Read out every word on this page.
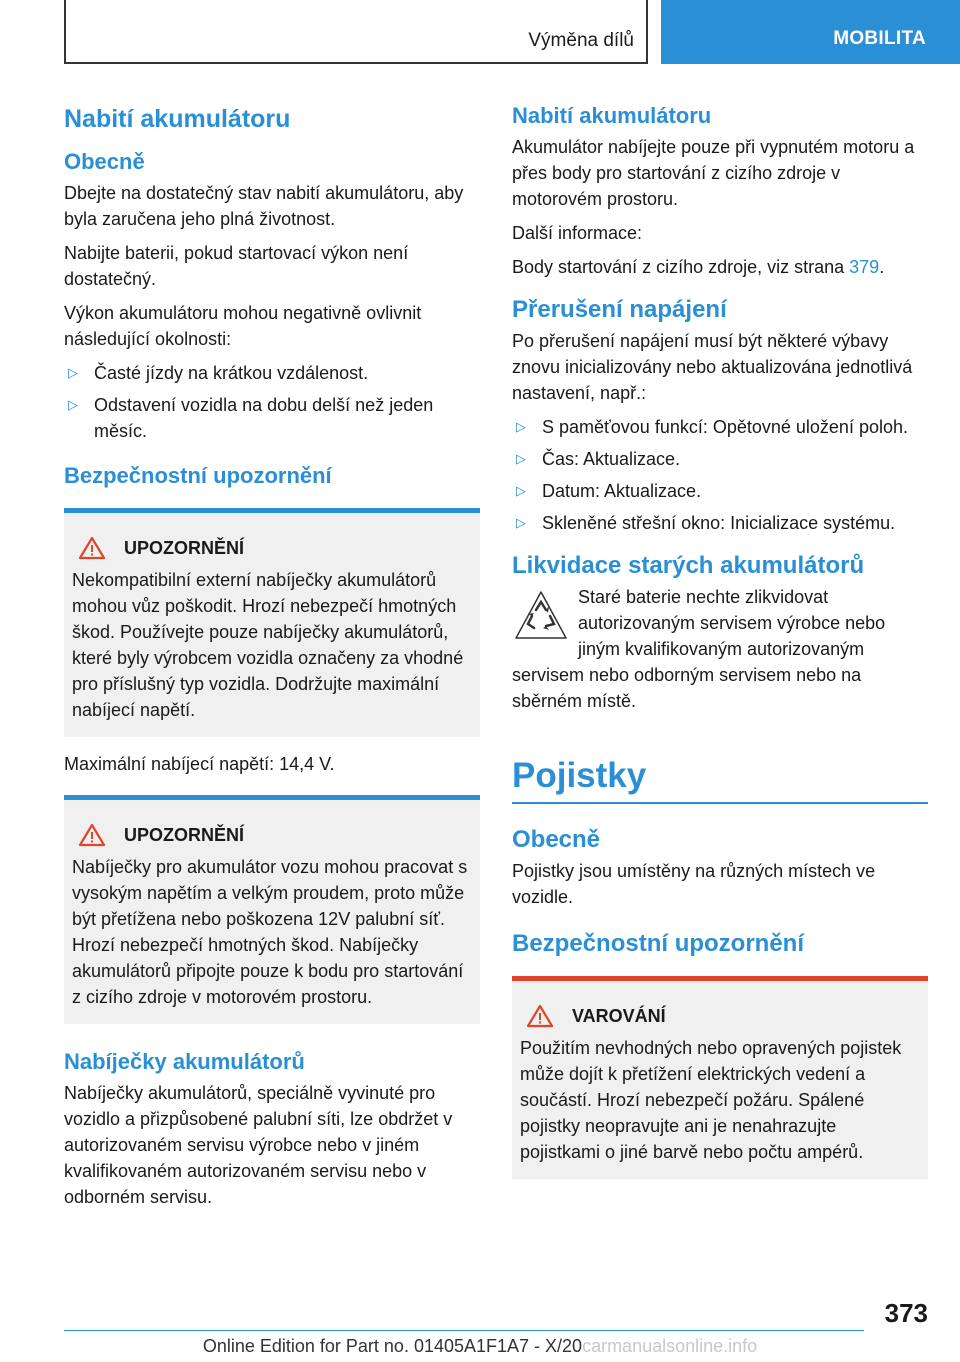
Výměna dílů	MOBILITA
Nabití akumulátoru
Obecně

Dbejte na dostatečný stav nabití akumulátoru, aby byla zaručena jeho plná životnost.

Nabijte baterii, pokud startovací výkon není dostatečný.

Výkon akumulátoru mohou negativně ovlivnit následující okolnosti:

▷ Časté jízdy na krátkou vzdálenost.
▷ Odstavení vozidla na dobu delší než jeden měsíc.
Bezpečnostní upozornění
UPOZORNĚNÍ

Nekompatibilní externí nabíječky akumulátorů mohou vůz poškodit. Hrozí nebezpečí hmotných škod. Používejte pouze nabíječky akumulátorů, které byly výrobcem vozidla označeny za vhodné pro příslušný typ vozidla. Dodržujte maximální nabíjecí napětí.

Maximální nabíjecí napětí: 14,4 V.

UPOZORNĚNÍ

Nabíječky pro akumulátor vozu mohou pracovat s vysokým napětím a velkým proudem, proto může být přetížena nebo poškozena 12V palubní síť. Hrozí nebezpečí hmotných škod. Nabíječky akumulátorů připojte pouze k bodu pro startování z cizího zdroje v motorovém prostoru.

Nabíječky akumulátorů

Nabíječky akumulátorů, speciálně vyvinuté pro vozidlo a přizpůsobené palubní síti, lze obdržet v autorizovaném servisu výrobce nebo v jiném kvalifikovaném autorizovaném servisu nebo v odborném servisu.

Nabití akumulátoru

Akumulátor nabíjejte pouze při vypnutém motoru a přes body pro startování z cizího zdroje v motorovém prostoru.

Další informace:

Body startování z cizího zdroje, viz strana 379.

Přerušení napájení

Po přerušení napájení musí být některé výbavy znovu inicializovány nebo aktualizována jednotlivá nastavení, např.:

▷ S paměťovou funkcí: Opětovné uložení poloh.
▷ Čas: Aktualizace.
▷ Datum: Aktualizace.
▷ Skleněné střešní okno: Inicializace systému.
Likvidace starých akumulátorů

Staré baterie nechte zlikvidovat autorizovaným servisem výrobce nebo jiným kvalifikovaným autorizovaným servisem nebo odborným servisem nebo na sběrném místě.

Pojistky
Obecně

Pojistky jsou umístěny na různých místech ve vozidle.

Bezpečnostní upozornění
VAROVÁNÍ

Použitím nevhodných nebo opravených pojistek může dojít k přetížení elektrických vedení a součástí. Hrozí nebezpečí požáru. Spálené pojistky neopravujte ani je nenahrazujte pojistkami o jiné barvě nebo počtu ampérů.

373
Online Edition for Part no. 01405A1F1A7 - X/20carmanualsonline.info
